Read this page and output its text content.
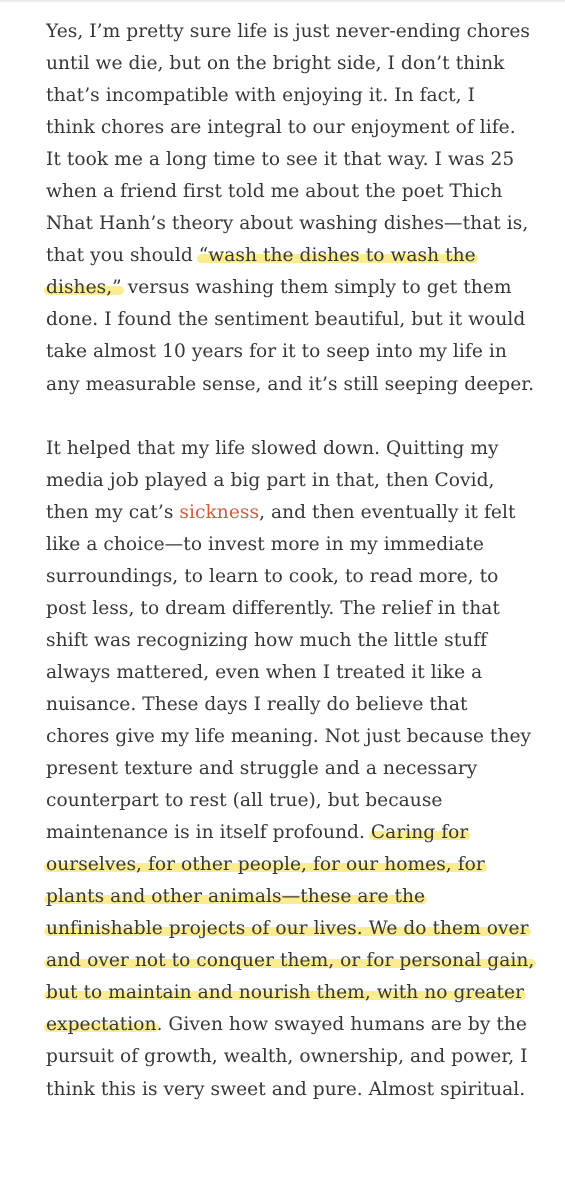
Yes, I’m pretty sure life is just never-ending chores
until we die, but on the bright side, I don’t think
that’s incompatible with enjoying it. In fact, I
think chores are integral to our enjoyment of life.
It took me a long time to see it that way. I was 25
when a friend first told me about the poet Thich
Nhat Hanh’s theory about washing dishes—that is,
that you should “wash the dishes to wash the
dishes,” versus washing them simply to get them
done. I found the sentiment beautiful, but it would
take almost 10 years for it to seep into my life in
any measurable sense, and it’s still seeping deeper.

It helped that my life slowed down. Quitting my
media job played a big part in that, then Covid,
then my cat’s sickness, and then eventually it felt
like a choice—to invest more in my immediate
surroundings, to learn to cook, to read more, to
post less, to dream differently. The relief in that
shift was recognizing how much the little stuff
always mattered, even when I treated it like a
nuisance. These days I really do believe that
chores give my life meaning. Not just because they
present texture and struggle and a necessary
counterpart to rest (all true), but because
maintenance is in itself profound. Caring for
ourselves, for other people, for our homes, for
plants and other animals—these are the
unfinishable projects of our lives. We do them over
and over not to conquer them, or for personal gain,
but to maintain and nourish them, with no greater
expectation. Given how swayed humans are by the
pursuit of growth, wealth, ownership, and power, I
think this is very sweet and pure. Almost spiritual.
